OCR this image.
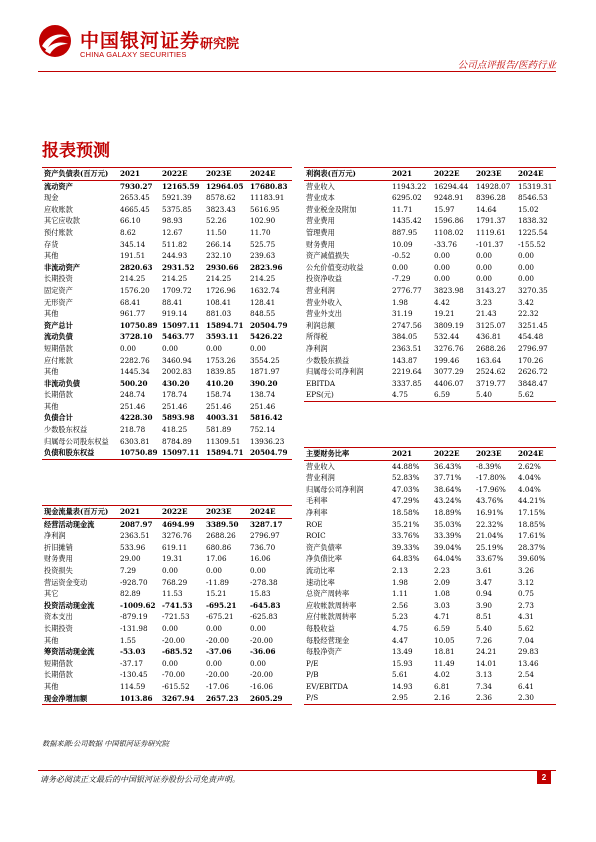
中国银河证券
CHINA GALAXY SECURITIES
研究院
公司点评报告/医药行业
报表预测
资产负债表(百万元)	2021	2022E	2023E	2024E
流动资产	7930.27	12165.59	12964.05	17680.83
现金	2653.45	5921.39	8578.62	11183.91
应收账款	4665.45	5375.85	3823.43	5616.95
其它应收款	66.10	98.93	52.26	102.90
预付账款	8.62	12.67	11.50	11.70
存货	345.14	511.82	266.14	525.75
其他	191.51	244.93	232.10	239.63
非流动资产	2820.63	2931.52	2930.66	2823.96
长期投资	214.25	214.25	214.25	214.25
固定资产	1576.20	1709.72	1726.96	1632.74
无形资产	68.41	88.41	108.41	128.41
其他	961.77	919.14	881.03	848.55
资产总计	10750.89	15097.11	15894.71	20504.79
流动负债	3728.10	5463.77	3593.11	5426.22
短期借款	0.00	0.00	0.00	0.00
应付账款	2282.76	3460.94	1753.26	3554.25
其他	1445.34	2002.83	1839.85	1871.97
非流动负债	500.20	430.20	410.20	390.20
长期借款	248.74	178.74	158.74	138.74
其他	251.46	251.46	251.46	251.46
负债合计	4228.30	5893.98	4003.31	5816.42
少数股东权益	218.78	418.25	581.89	752.14
归属母公司股东权益	6303.81	8784.89	11309.51	13936.23
负债和股东权益	10750.89	15097.11	15894.71	20504.79
利润表(百万元)	2021	2022E	2023E	2024E
营业收入	11943.22	16294.44	14928.07	15319.31
营业成本	6295.02	9248.91	8396.28	8546.53
营业税金及附加	11.71	15.97	14.64	15.02
营业费用	1435.42	1596.86	1791.37	1838.32
管理费用	887.95	1108.02	1119.61	1225.54
财务费用	10.09	-33.76	-101.37	-155.52
资产减值损失	-0.52	0.00	0.00	0.00
公允价值变动收益	0.00	0.00	0.00	0.00
投资净收益	-7.29	0.00	0.00	0.00
营业利润	2776.77	3823.98	3143.27	3270.35
营业外收入	1.98	4.42	3.23	3.42
营业外支出	31.19	19.21	21.43	22.32
利润总额	2747.56	3809.19	3125.07	3251.45
所得税	384.05	532.44	436.81	454.48
净利润	2363.51	3276.76	2688.26	2796.97
少数股东损益	143.87	199.46	163.64	170.26
归属母公司净利润	2219.64	3077.29	2524.62	2626.72
EBITDA	3337.85	4406.07	3719.77	3848.47
EPS(元)	4.75	6.59	5.40	5.62
现金流量表(百万元)	2021	2022E	2023E	2024E
经营活动现金流	2087.97	4694.99	3389.50	3287.17
净利润	2363.51	3276.76	2688.26	2796.97
折旧摊销	533.96	619.11	680.86	736.70
财务费用	29.00	19.31	17.06	16.06
投资损失	7.29	0.00	0.00	0.00
营运资金变动	-928.70	768.29	-11.89	-278.38
其它	82.89	11.53	15.21	15.83
投资活动现金流	-1009.62	-741.53	-695.21	-645.83
资本支出	-879.19	-721.53	-675.21	-625.83
长期投资	-131.98	0.00	0.00	0.00
其他	1.55	-20.00	-20.00	-20.00
筹资活动现金流	-53.03	-685.52	-37.06	-36.06
短期借款	-37.17	0.00	0.00	0.00
长期借款	-130.45	-70.00	-20.00	-20.00
其他	114.59	-615.52	-17.06	-16.06
现金净增加额	1013.86	3267.94	2657.23	2605.29
主要财务比率	2021	2022E	2023E	2024E
营业收入	44.88%	36.43%	-8.39%	2.62%
营业利润	52.83%	37.71%	-17.80%	4.04%
归属母公司净利润	47.03%	38.64%	-17.96%	4.04%
毛利率	47.29%	43.24%	43.76%	44.21%
净利率	18.58%	18.89%	16.91%	17.15%
ROE	35.21%	35.03%	22.32%	18.85%
ROIC	33.76%	33.39%	21.04%	17.61%
资产负债率	39.33%	39.04%	25.19%	28.37%
净负债比率	64.83%	64.04%	33.67%	39.60%
流动比率	2.13	2.23	3.61	3.26
速动比率	1.98	2.09	3.47	3.12
总资产周转率	1.11	1.08	0.94	0.75
应收帐款周转率	2.56	3.03	3.90	2.73
应付帐款周转率	5.23	4.71	8.51	4.31
每股收益	4.75	6.59	5.40	5.62
每股经营现金	4.47	10.05	7.26	7.04
每股净资产	13.49	18.81	24.21	29.83
P/E	15.93	11.49	14.01	13.46
P/B	5.61	4.02	3.13	2.54
EV/EBITDA	14.93	6.81	7.34	6.41
P/S	2.95	2.16	2.36	2.30
数据来源:公司数据 中国银河证券研究院
请务必阅读正文最后的中国银河证券股份公司免责声明。	2
